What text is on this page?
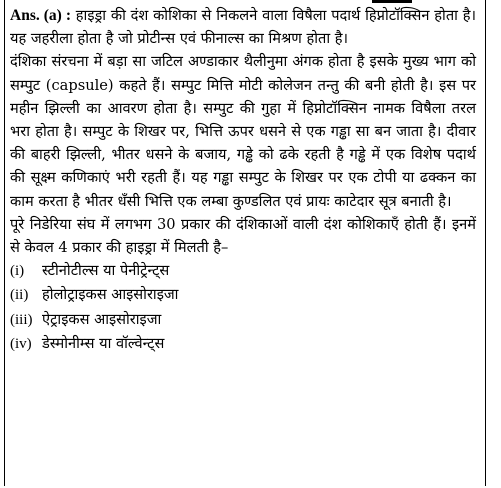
Ans. (a) : हाइड्रा की दंश कोशिका से निकलने वाला विषैला पदार्थ हिप्नोटॉक्सिन होता है। यह जहरीला होता है जो प्रोटीन्स एवं फीनाल्स का मिश्रण होता है।

दंशिका संरचना में बड़ा सा जटिल अण्डाकार थैलीनुमा अंगक होता है इसके मुख्य भाग को सम्पुट (capsule) कहते हैं। सम्पुट मित्ति मोटी कोलेजन तन्तु की बनी होती है। इस पर महीन झिल्ली का आवरण होता है। सम्पुट की गुहा में हिप्नोटॉक्सिन नामक विषैला तरल भरा होता है। सम्पुट के शिखर पर, भित्ति ऊपर धसने से एक गड्ढा सा बन जाता है। दीवार की बाहरी झिल्ली, भीतर धसने के बजाय, गड्ढे को ढके रहती है गड्ढे में एक विशेष पदार्थ की सूक्ष्म कणिकाएं भरी रहती हैं। यह गड्ढा सम्पुट के शिखर पर एक टोपी या ढक्कन का काम करता है भीतर धँसी भित्ति एक लम्बा कुण्डलित एवं प्रायः काटेदार सूत्र बनाती है।

पूरे निडेरिया संघ में लगभग 30 प्रकार की दंशिकाओं वाली दंश कोशिकाएँ होती हैं। इनमें से केवल 4 प्रकार की हाइड्रा में मिलती है–

(i) स्टीनोटील्स या पेनीट्रेन्ट्स
(ii) होलोट्राइकस आइसोराइजा
(iii) ऐट्राइकस आइसोराइजा
(iv) डेस्मोनीम्स या वॉल्वेन्ट्स
